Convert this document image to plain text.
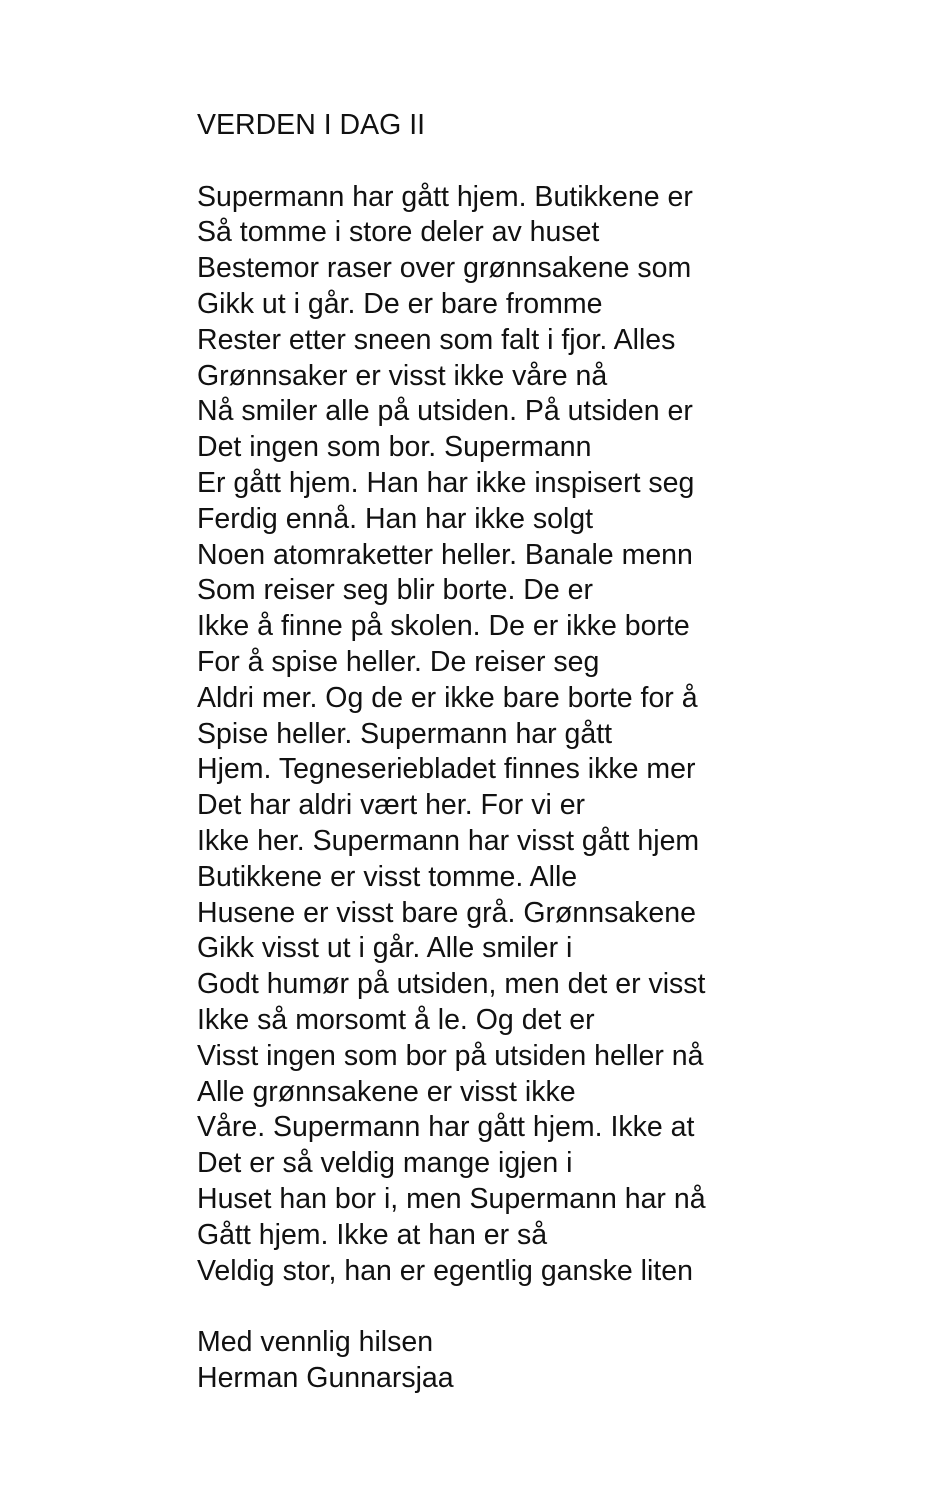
VERDEN I DAG II
Supermann har gått hjem. Butikkene er
Så tomme i store deler av huset
Bestemor raser over grønnsakene som
Gikk ut i går. De er bare fromme
Rester etter sneen som falt i fjor. Alles
Grønnsaker er visst ikke våre nå
Nå smiler alle på utsiden. På utsiden er
Det ingen som bor. Supermann
Er gått hjem. Han har ikke inspisert seg
Ferdig ennå. Han har ikke solgt
Noen atomraketter heller. Banale menn
Som reiser seg blir borte. De er
Ikke å finne på skolen. De er ikke borte
For å spise heller. De reiser seg
Aldri mer. Og de er ikke bare borte for å
Spise heller. Supermann har gått
Hjem. Tegneseriebladet finnes ikke mer
Det har aldri vært her. For vi er
Ikke her. Supermann har visst gått hjem
Butikkene er visst tomme. Alle
Husene er visst bare grå. Grønnsakene
Gikk visst ut i går. Alle smiler i
Godt humør på utsiden, men det er visst
Ikke så morsomt å le. Og det er
Visst ingen som bor på utsiden heller nå
Alle grønnsakene er visst ikke
Våre. Supermann har gått hjem. Ikke at
Det er så veldig mange igjen i
Huset han bor i, men Supermann har nå
Gått hjem. Ikke at han er så
Veldig stor, han er egentlig ganske liten
Med vennlig hilsen
Herman Gunnarsjaa
